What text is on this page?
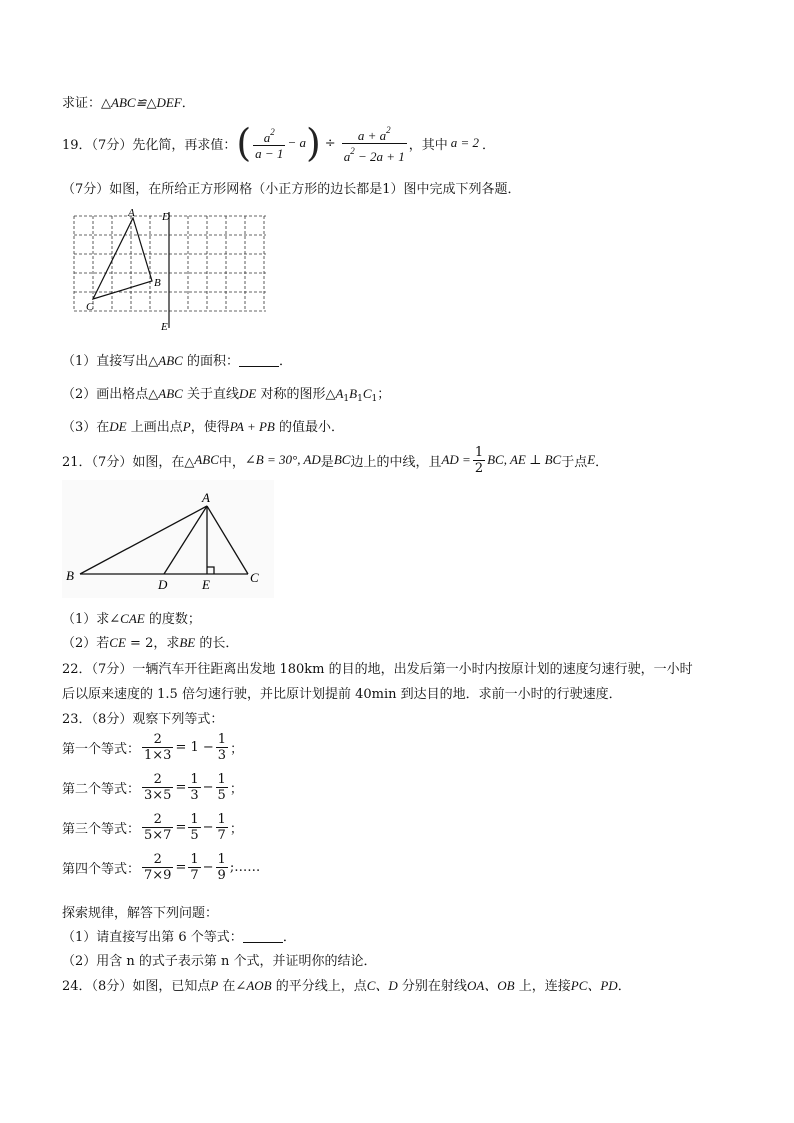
求证：△ABC≌△DEF．
19．（7分）先化简，再求值： ( $\frac{a^2}{a - 1} - a$ ) ÷ $\frac{a + a^2}{a^2 - 2a + 1}$ ，其中 a = 2 ．
（7分）如图，在所给正方形网格（小正方形的边长都是1）图中完成下列各题．
A
B
C
D
E
（1）直接写出△ABC 的面积：	．
（2）画出格点△ABC 关于直线DE 对称的图形$\triangle A_1B_1C_1$；
（3）在DE 上画出点P，使得PA + PB 的值最小．
21．（7分）如图，在△ ABC 中， ∠B = 30°, AD 是 BC 边上的中线，且 AD = $\frac{1}{2}$ BC, AE ⊥ BC 于点 E ．
A
B	C
D	E
（1）求∠CAE 的度数；
（2）若CE = 2，求BE 的长．
22．（7分）一辆汽车开往距离出发地 180km 的目的地，出发后第一小时内按原计划的速度匀速行驶，一小时
后以原来速度的 1.5 倍匀速行驶，并比原计划提前 40min 到达目的地．求前一小时的行驶速度．
23．（8分）观察下列等式：
第一个等式： $\frac{2}{1\times 3} = 1 - \frac{1}{3}$ ；
第二个等式： $\frac{2}{3\times 5} = \frac{1}{3} - \frac{1}{5}$ ；
第三个等式： $\frac{2}{5\times 7} = \frac{1}{5} - \frac{1}{7}$ ；
第四个等式： $\frac{2}{7\times 9} = \frac{1}{7} - \frac{1}{9}$ ;……
探索规律，解答下列问题：
（1）请直接写出第 6 个等式：	．
（2）用含 n 的式子表示第 n 个式，并证明你的结论．
24．（8分）如图，已知点P 在∠AOB 的平分线上，点C、D 分别在射线OA、OB 上，连接PC、PD．
